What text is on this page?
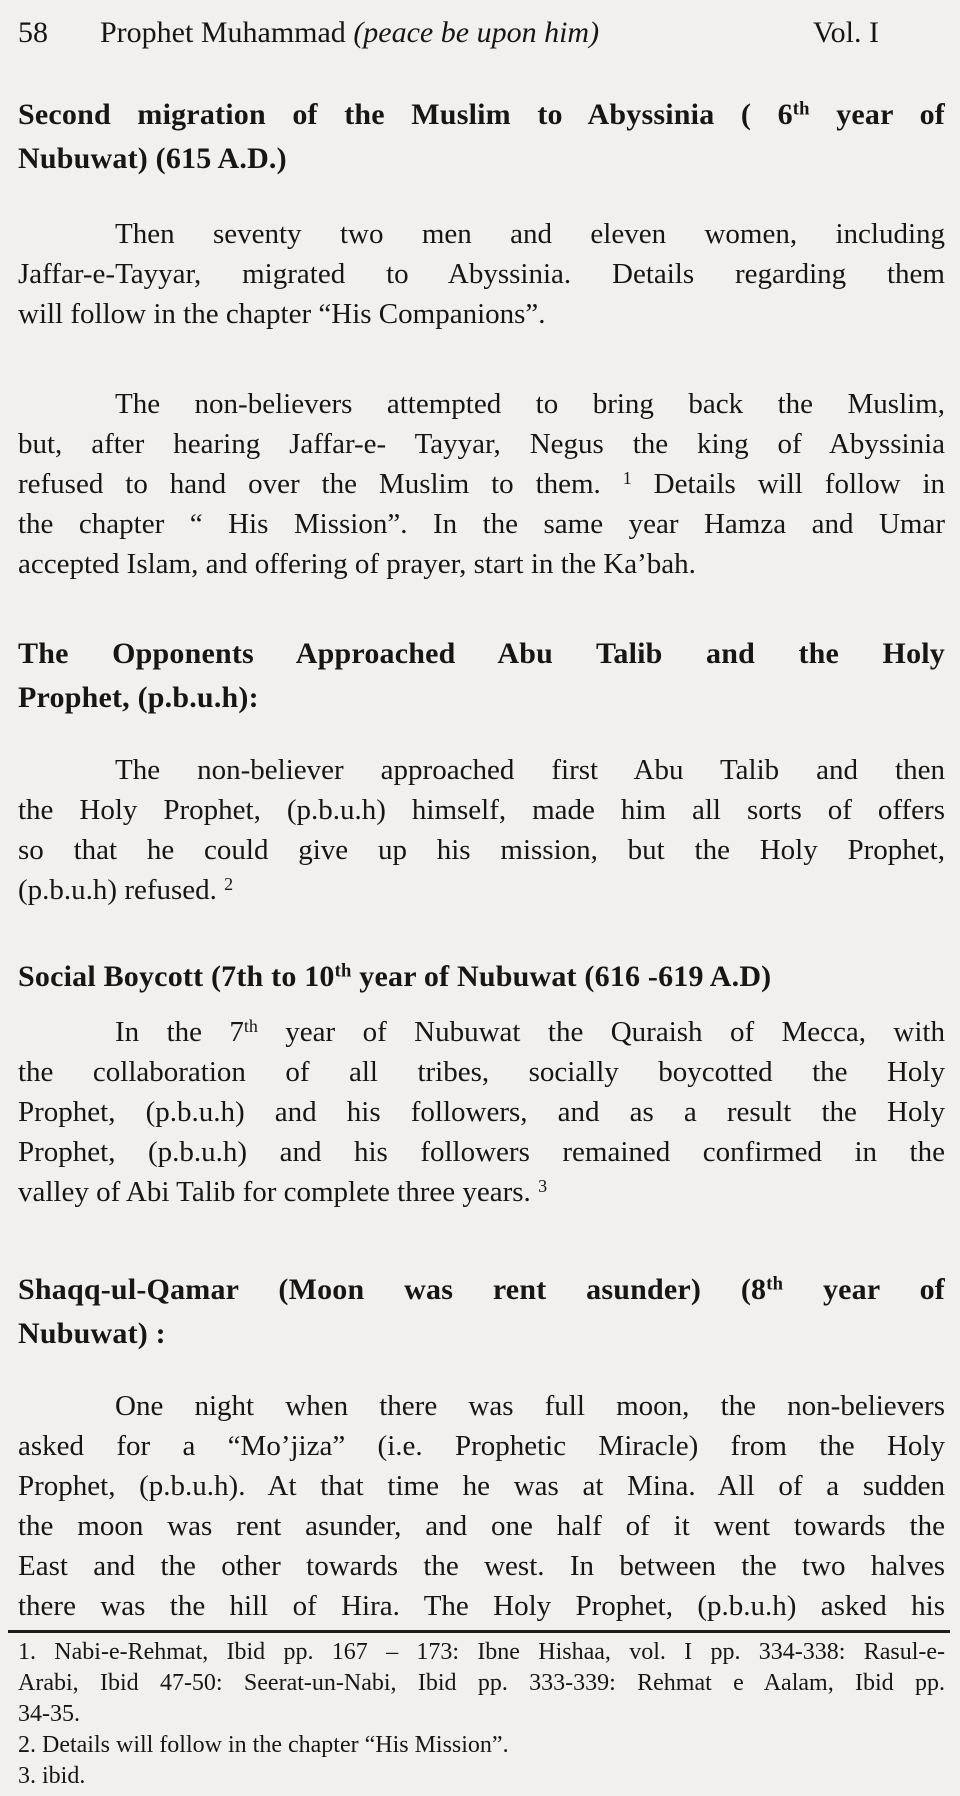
58	Prophet Muhammad (peace be upon him)	Vol. I
Second migration of the Muslim to Abyssinia ( 6th year of
Nubuwat) (615 A.D.)
Then seventy two men and eleven women, including
Jaffar-e-Tayyar, migrated to Abyssinia. Details regarding them
will follow in the chapter “His Companions”.
The non-believers attempted to bring back the Muslim,
but, after hearing Jaffar-e- Tayyar, Negus the king of Abyssinia
refused to hand over the Muslim to them. $^1$ Details will follow in
the chapter “ His Mission”. In the same year Hamza and Umar
accepted Islam, and offering of prayer, start in the Ka’bah.
The Opponents Approached Abu Talib and the Holy
Prophet, (p.b.u.h):
The non-believer approached first Abu Talib and then
the Holy Prophet, (p.b.u.h) himself, made him all sorts of offers
so that he could give up his mission, but the Holy Prophet,
(p.b.u.h) refused. $^2$
Social Boycott (7th to 10th year of Nubuwat (616 -619 A.D)
In the 7th year of Nubuwat the Quraish of Mecca, with
the collaboration of all tribes, socially boycotted the Holy
Prophet, (p.b.u.h) and his followers, and as a result the Holy
Prophet, (p.b.u.h) and his followers remained confirmed in the
valley of Abi Talib for complete three years. $^3$
Shaqq-ul-Qamar (Moon was rent asunder) (8th year of
Nubuwat) :
One night when there was full moon, the non-believers
asked for a “Mo’jiza” (i.e. Prophetic Miracle) from the Holy
Prophet, (p.b.u.h). At that time he was at Mina. All of a sudden
the moon was rent asunder, and one half of it went towards the
East and the other towards the west. In between the two halves
there was the hill of Hira. The Holy Prophet, (p.b.u.h) asked his
1. Nabi-e-Rehmat, Ibid pp. 167 – 173: Ibne Hishaa, vol. I pp. 334-338: Rasul-e-
Arabi, Ibid 47-50: Seerat-un-Nabi, Ibid pp. 333-339: Rehmat e Aalam, Ibid pp.
34-35.
2. Details will follow in the chapter “His Mission”.
3. ibid.
